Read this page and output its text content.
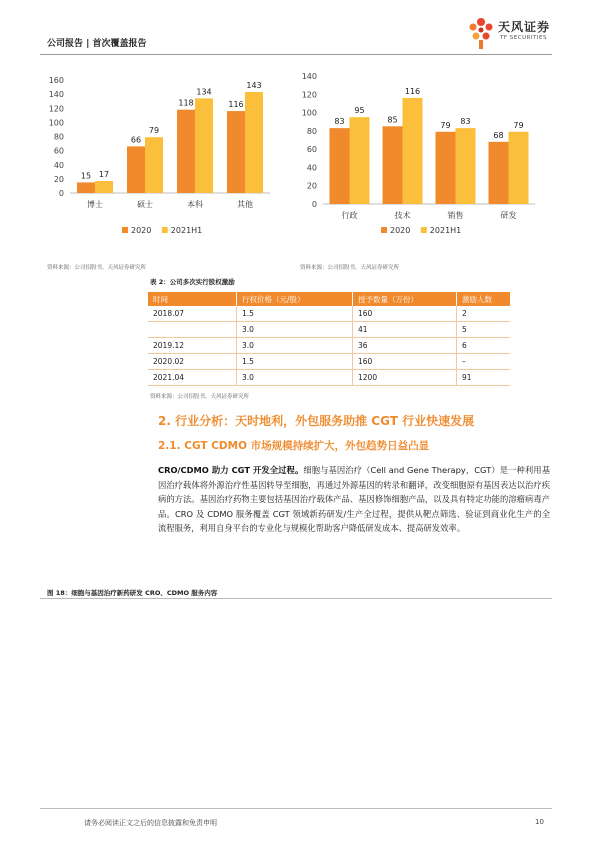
公司报告 | 首次覆盖报告
天风证券
TF SECURITIES
0
20
40
60
80
100
120
140
160
15 17
博士
66
79
硕士
118
134
本科
116
143
其他
2020 2021H1
0
20
40
60
80
100
120
140
83
95
行政
85
116
技术
79 83
销售
68
79
研发
2020 2021H1
资料来源：公司招股书，天风证券研究所	资料来源：公司招股书，天风证券研究所
表 2：公司多次实行股权激励
时间	行权价格（元/股）	授予数量（万份）	激励人数
2018.07	1.5	160	2
	3.0	41	5
2019.12	3.0	36	6
2020.02	1.5	160	–
2021.04	3.0	1200	91
资料来源：公司招股书，天风证券研究所
2. 行业分析：天时地利，外包服务助推 CGT 行业快速发展
2.1. CGT CDMO 市场规模持续扩大，外包趋势日益凸显
CRO/CDMO 助力 CGT 开发全过程。细胞与基因治疗（Cell and Gene Therapy，CGT）是一种利用基因治疗载体将外源治疗性基因转导至细胞，再通过外源基因的转录和翻译，改变细胞原有基因表达以治疗疾病的方法。基因治疗药物主要包括基因治疗载体产品、基因修饰细胞产品，以及具有特定功能的溶瘤病毒产品。CRO 及 CDMO 服务覆盖 CGT 领域新药研发/生产全过程，提供从靶点筛选、验证到商业化生产的全流程服务，利用自身平台的专业化与规模化帮助客户降低研发成本、提高研发效率。
图 18：细胞与基因治疗新药研发 CRO、CDMO 服务内容
请务必阅读正文之后的信息披露和免责申明	10
